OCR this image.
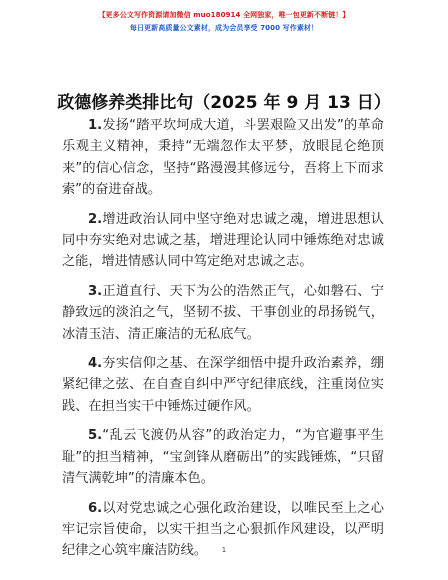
【更多公文写作资源请加微信 muo180914 全网独家，唯一包更新不断链！】
每日更新高质量公文素材，成为会员享受 7000 写作素材！
政德修养类排比句（2025 年 9 月 13 日）

1.发扬“踏平坎坷成大道，斗罢艰险又出发”的革命乐观主义精神，秉持“无端忽作太平梦，放眼昆仑绝顶来”的信心信念，坚持“路漫漫其修远兮，吾将上下而求索”的奋进奋战。

2.增进政治认同中坚守绝对忠诚之魂，增进思想认同中夯实绝对忠诚之基，增进理论认同中锤炼绝对忠诚之能，增进情感认同中笃定绝对忠诚之志。

3.正道直行、天下为公的浩然正气，心如磐石、宁静致远的淡泊之气，坚韧不拔、干事创业的昂扬锐气，冰清玉洁、清正廉洁的无私底气。

4.夯实信仰之基、在深学细悟中提升政治素养，绷紧纪律之弦、在自查自纠中严守纪律底线，注重岗位实践、在担当实干中锤炼过硬作风。

5.“乱云飞渡仍从容”的政治定力，“为官避事平生耻”的担当精神，“宝剑锋从磨砺出”的实践锤炼，“只留清气满乾坤”的清廉本色。

6.以对党忠诚之心强化政治建设，以唯民至上之心牢记宗旨使命，以实干担当之心狠抓作风建设，以严明纪律之心筑牢廉洁防线。	1
